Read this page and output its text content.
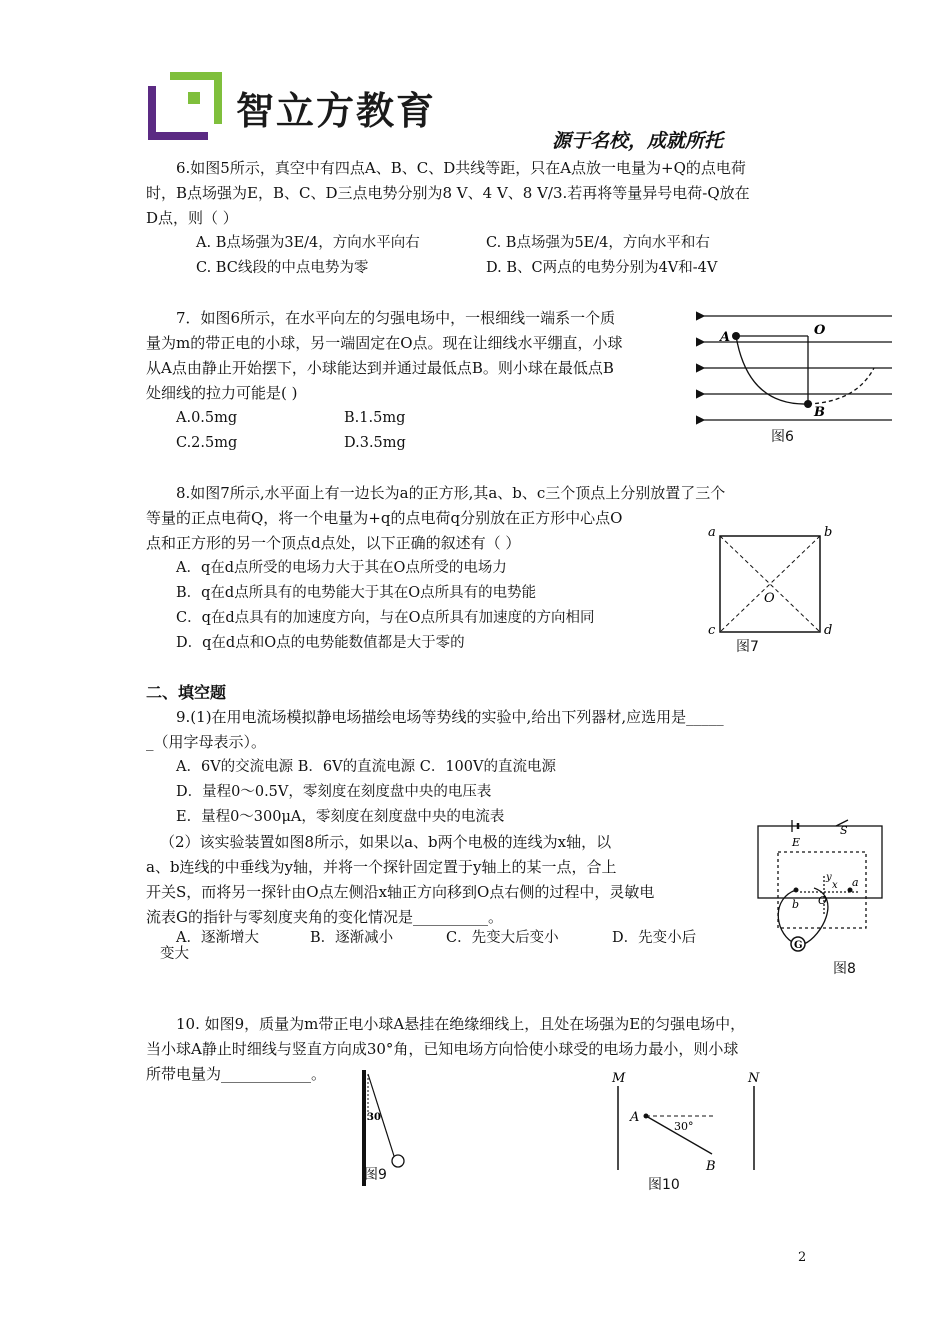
智立方教育
源于名校，成就所托
6.如图5所示，真空中有四点A、B、C、D共线等距，只在A点放一电量为+Q的点电荷
时，B点场强为E，B、C、D三点电势分别为8 V、4 V、8 V/3.若再将等量异号电荷-Q放在
D点，则（ ）
A. B点场强为3E/4，方向水平向右	C. B点场强为5E/4，方向水平和右
C. BC线段的中点电势为零	D. B、C两点的电势分别为4V和-4V
7．如图6所示，在水平向左的匀强电场中，一根细线一端系一个质
量为m的带正电的小球，另一端固定在O点。现在让细线水平绷直，小球
从A点由静止开始摆下，小球能达到并通过最低点B。则小球在最低点B
处细线的拉力可能是( )
A.0.5mg	B.1.5mg
C.2.5mg	D.3.5mg
A	O
B
图6
8.如图7所示,水平面上有一边长为a的正方形,其a、b、c三个顶点上分别放置了三个
等量的正点电荷Q，将一个电量为+q的点电荷q分别放在正方形中心点O
点和正方形的另一个顶点d点处，以下正确的叙述有（ ）
A．q在d点所受的电场力大于其在O点所受的电场力
B．q在d点所具有的电势能大于其在O点所具有的电势能
C．q在d点具有的加速度方向，与在O点所具有加速度的方向相同
D．q在d点和O点的电势能数值都是大于零的
a	b
c	d
O
图7
二、填空题
9.(1)在用电流场模拟静电场描绘电场等势线的实验中,给出下列器材,应选用是_____
_（用字母表示）。
A．6V的交流电源 B．6V的直流电源 C．100V的直流电源
D．量程0～0.5V，零刻度在刻度盘中央的电压表
E．量程0～300μA，零刻度在刻度盘中央的电流表
（2）该实验装置如图8所示，如果以a、b两个电极的连线为x轴，以
a、b连线的中垂线为y轴，并将一个探针固定置于y轴上的某一点，合上
开关S，而将另一探针由O点左侧沿x轴正方向移到O点右侧的过程中，灵敏电
流表G的指针与零刻度夹角的变化情况是__________。
A．逐渐增大	B．逐渐减小	C．先变大后变小	D．先变小后
变大
G
E
S
a
b O
y
x
图8
10. 如图9，质量为m带正电小球A悬挂在绝缘细线上，且处在场强为E的匀强电场中，
当小球A静止时细线与竖直方向成30°角，已知电场方向恰使小球受的电场力最小，则小球
所带电量为____________。
30
图9
M	N
A
B
30°
图10
2
